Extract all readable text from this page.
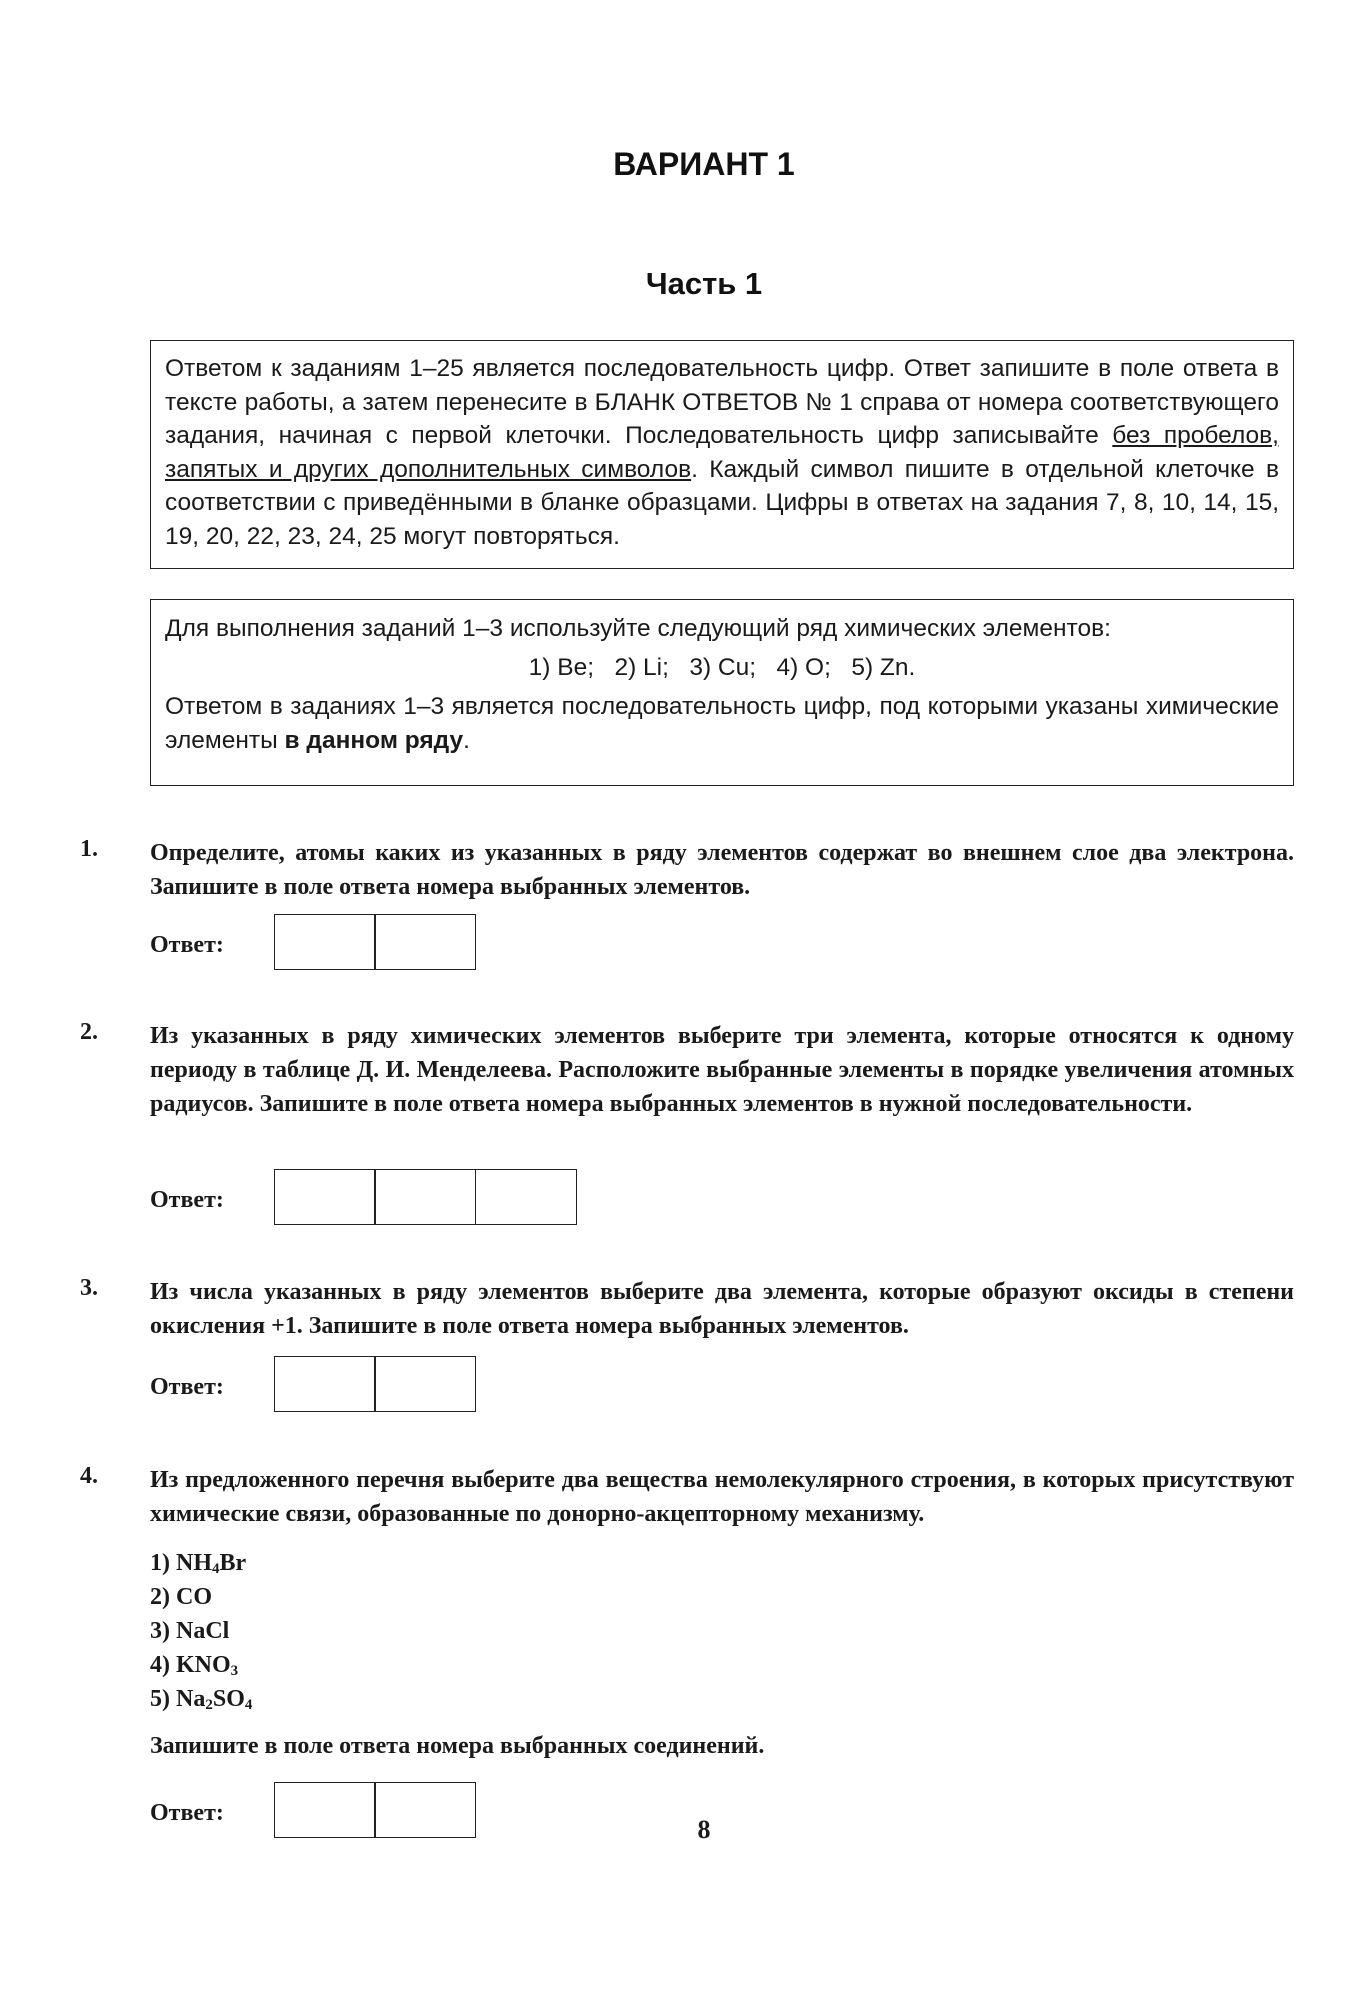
ВАРИАНТ 1
Часть 1

Ответом к заданиям 1–25 является последовательность цифр. Ответ запишите в поле ответа в тексте работы, а затем перенесите в БЛАНК ОТВЕТОВ № 1 справа от номера соответствующего задания, начиная с первой клеточки. Последовательность цифр записывайте без пробелов, запятых и других дополнительных символов. Каждый символ пишите в отдельной клеточке в соответствии с приведёнными в бланке образцами. Цифры в ответах на задания 7, 8, 10, 14, 15, 19, 20, 22, 23, 24, 25 могут повторяться.

Для выполнения заданий 1–3 используйте следующий ряд химических элементов:

1) Be;   2) Li;   3) Cu;   4) O;   5) Zn.

Ответом в заданиях 1–3 является последовательность цифр, под которыми указаны химические элементы в данном ряду.

1. Определите, атомы каких из указанных в ряду элементов содержат во внешнем слое два электрона. Запишите в поле ответа номера выбранных элементов.

Ответ:
2. Из указанных в ряду химических элементов выберите три элемента, которые относятся к одному периоду в таблице Д. И. Менделеева. Расположите выбранные элементы в порядке увеличения атомных радиусов. Запишите в поле ответа номера выбранных элементов в нужной последовательности.

Ответ:
3. Из числа указанных в ряду элементов выберите два элемента, которые образуют оксиды в степени окисления +1. Запишите в поле ответа номера выбранных элементов.

Ответ:
4. Из предложенного перечня выберите два вещества немолекулярного строения, в которых присутствуют химические связи, образованные по донорно-акцепторному механизму.

1) $NH_4Br$
2) CO
3) NaCl
4) $KNO_3$
5) $Na_2SO_4$
Запишите в поле ответа номера выбранных соединений.
Ответ:
8
